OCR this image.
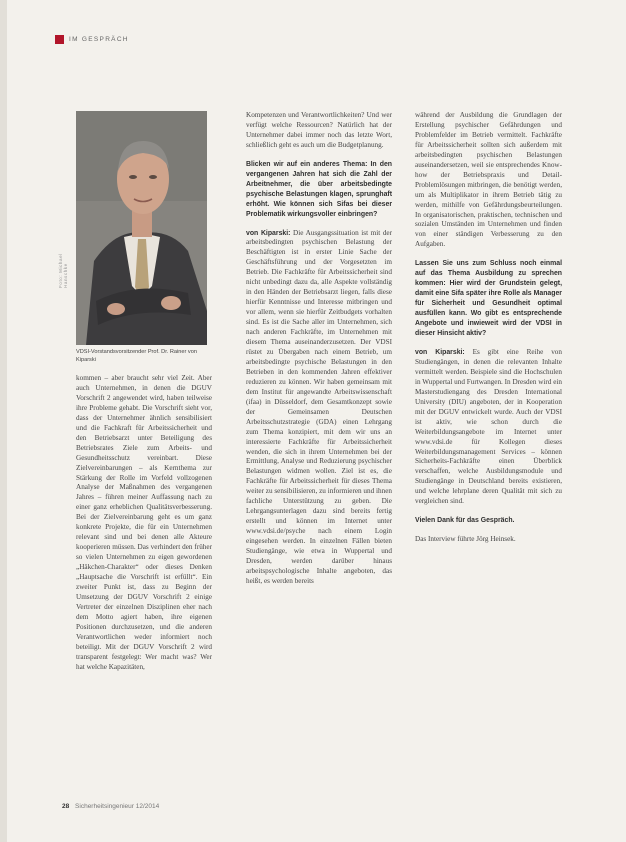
IM GESPRÄCH
Foto: Michael Hanschke
VDSI-Vorstandsvorsitzender Prof. Dr. Rainer von Kiparski

kommen – aber braucht sehr viel Zeit. Aber auch Unternehmen, in denen die DGUV Vorschrift 2 angewendet wird, haben teilweise ihre Probleme gehabt. Die Vorschrift sieht vor, dass der Unternehmer ähnlich sensibilisiert und die Fachkraft für Arbeitssicherheit und den Betriebsarzt unter Beteiligung des Betriebsrates Ziele zum Arbeits- und Gesundheitsschutz vereinbart. Diese Zielvereinbarungen – als Kernthema zur Stärkung der Rolle im Vorfeld vollzogenen Analyse der Maßnahmen des vergangenen Jahres – führen meiner Auffassung nach zu einer ganz erheblichen Qualitätsverbesserung. Bei der Zielvereinbarung geht es um ganz konkrete Projekte, die für ein Unternehmen relevant sind und bei denen alle Akteure kooperieren müssen. Das verhindert den früher so vielen Unternehmen zu eigen gewordenen „Häkchen-Charakter“ oder dieses Denken „Hauptsache die Vorschrift ist erfüllt“. Ein zweiter Punkt ist, dass zu Beginn der Umsetzung der DGUV Vorschrift 2 einige Vertreter der einzelnen Disziplinen eher nach dem Motto agiert haben, ihre eigenen Positionen durchzusetzen, und die anderen Verantwortlichen weder informiert noch beteiligt. Mit der DGUV Vorschrift 2 wird transparent festgelegt: Wer macht was? Wer hat welche Kapazitäten,

Kompetenzen und Verantwortlichkeiten? Und wer verfügt welche Ressourcen? Natürlich hat der Unternehmer dabei immer noch das letzte Wort, schließlich geht es auch um die Budgetplanung.

Blicken wir auf ein anderes Thema: In den vergangenen Jahren hat sich die Zahl der Arbeitnehmer, die über arbeitsbedingte psychische Belastungen klagen, sprunghaft erhöht. Wie können sich Sifas bei dieser Problematik wirkungsvoller einbringen?

von Kiparski: Die Ausgangssituation ist mit der arbeitsbedingten psychischen Belastung der Beschäftigten ist in erster Linie Sache der Geschäftsführung und der Vorgesetzten im Betrieb. Die Fachkräfte für Arbeitssicherheit sind nicht unbedingt dazu da, alle Aspekte vollständig in den Händen der Betriebsarzt liegen, falls diese hierfür Kenntnisse und Interesse mitbringen und vor allem, wenn sie hierfür Zeitbudgets vorhalten sind. Es ist die Sache aller im Unternehmen, sich nach anderen Fachkräfte, im Unternehmen mit diesem Thema auseinanderzusetzen. Der VDSI rüstet zu Übergaben nach einem Betrieb, um arbeitsbedingte psychische Belastungen in den Betrieben in den kommenden Jahren effektiver reduzieren zu können. Wir haben gemeinsam mit dem Institut für angewandte Arbeitswissenschaft (ifaa) in Düsseldorf, dem Gesamtkonzept sowie der Gemeinsamen Deutschen Arbeitsschutzstrategie (GDA) einen Lehrgang zum Thema konzipiert, mit dem wir uns an interessierte Fachkräfte für Arbeitssicherheit wenden, die sich in ihrem Unternehmen bei der Ermittlung, Analyse und Reduzierung psychischer Belastungen widmen wollen. Ziel ist es, die Fachkräfte für Arbeitssicherheit für dieses Thema weiter zu sensibilisieren, zu informieren und ihnen fachliche Unterstützung zu geben. Die Lehrgangsunterlagen dazu sind bereits fertig erstellt und können im Internet unter www.vdsi.de/psyche nach einem Login eingesehen werden. In einzelnen Fällen bieten Studiengänge, wie etwa in Wuppertal und Dresden, werden darüber hinaus arbeitspsychologische Inhalte angeboten, das heißt, es werden bereits

während der Ausbildung die Grundlagen der Erstellung psychischer Gefährdungen und Problemfelder im Betrieb vermittelt. Fachkräfte für Arbeitssicherheit sollten sich außerdem mit arbeitsbedingten psychischen Belastungen auseinandersetzen, weil sie entsprechendes Know-how der Betriebspraxis und Detail-Problemlösungen mitbringen, die benötigt werden, um als Multiplikator in ihrem Betrieb tätig zu werden, mithilfe von Gefährdungsbeurteilungen. In organisatorischen, praktischen, technischen und sozialen Umständen im Unternehmen und finden von einer ständigen Verbesserung zu den Aufgaben.

Lassen Sie uns zum Schluss noch einmal auf das Thema Ausbildung zu sprechen kommen: Hier wird der Grundstein gelegt, damit eine Sifa später ihre Rolle als Manager für Sicherheit und Gesundheit optimal ausfüllen kann. Wo gibt es entsprechende Angebote und inwieweit wird der VDSI in dieser Hinsicht aktiv?

von Kiparski: Es gibt eine Reihe von Studiengängen, in denen die relevanten Inhalte vermittelt werden. Beispiele sind die Hochschulen in Wuppertal und Furtwangen. In Dresden wird ein Masterstudiengang des Dresden International University (DIU) angeboten, der in Kooperation mit der DGUV entwickelt wurde. Auch der VDSI ist aktiv, wie schon durch die Weiterbildungsangebote im Internet unter www.vdsi.de für Kollegen dieses Weiterbildungsmanagement Services – können Sicherheits-Fachkräfte einen Überblick verschaffen, welche Ausbildungsmodule und Studiengänge in Deutschland bereits existieren, und welche lehrplane deren Qualität mit sich zu vergleichen sind.

Vielen Dank für das Gespräch.

Das Interview führte Jörg Heinsek.

28 Sicherheitsingenieur 12/2014
